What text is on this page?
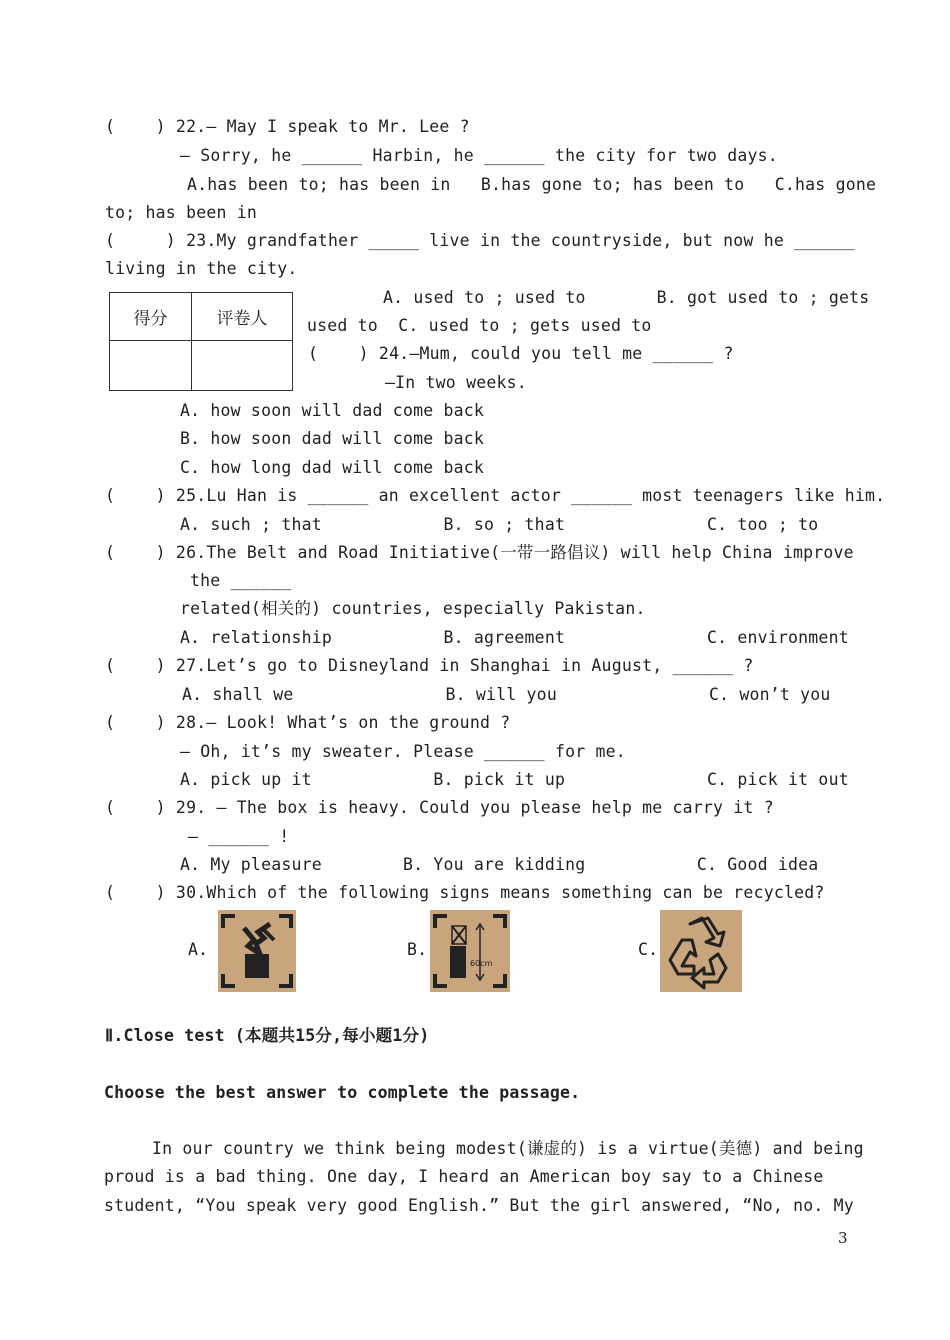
(    ) 22.— May I speak to Mr. Lee ?
— Sorry, he ______ Harbin, he ______ the city for two days.
A.has been to; has been in   B.has gone to; has been to   C.has gone
to; has been in
(     ) 23.My grandfather _____ live in the countryside, but now he ______
living in the city.
得分	评卷人
A. used to ; used to       B. got used to ; gets
used to  C. used to ; gets used to
(    ) 24.—Mum, could you tell me ______ ?
—In two weeks.
A. how soon will dad come back
B. how soon dad will come back
C. how long dad will come back
(    ) 25.Lu Han is ______ an excellent actor ______ most teenagers like him.
A. such ; that            B. so ; that              C. too ; to
(    ) 26.The Belt and Road Initiative(一带一路倡议) will help China improve
the ______
related(相关的) countries, especially Pakistan.
A. relationship           B. agreement              C. environment
(    ) 27.Let’s go to Disneyland in Shanghai in August, ______ ?
A. shall we               B. will you               C. won’t you
(    ) 28.— Look! What’s on the ground ?
— Oh, it’s my sweater. Please ______ for me.
A. pick up it            B. pick it up              C. pick it out
(    ) 29. — The box is heavy. Could you please help me carry it ?
— ______ !
A. My pleasure        B. You are kidding           C. Good idea
(    ) 30.Which of the following signs means something can be recycled?
A.	B.
60cm
C.
Ⅱ.Close test (本题共15分,每小题1分)
Choose the best answer to complete the passage.
In our country we think being modest(谦虚的) is a virtue(美德) and being
proud is a bad thing. One day, I heard an American boy say to a Chinese
student, “You speak very good English.” But the girl answered, “No, no. My
3
